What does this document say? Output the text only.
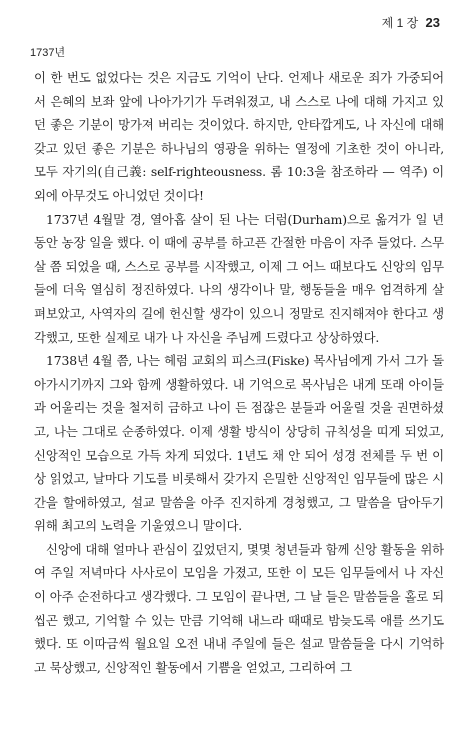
제 1 장 23
1737년

이 한 번도 없었다는 것은 지금도 기억이 난다. 언제나 새로운 죄가 가중되어서 은혜의 보좌 앞에 나아가기가 두려워졌고, 내 스스로 나에 대해 가지고 있던 좋은 기분이 망가져 버리는 것이었다. 하지만, 안타깝게도, 나 자신에 대해 갖고 있던 좋은 기분은 하나님의 영광을 위하는 열정에 기초한 것이 아니라, 모두 자기의(自己義: self-righteousness. 롬 10:3을 참조하라 — 역주) 이외에 아무것도 아니었던 것이다!

1737년 4월말 경, 열아홉 살이 된 나는 더럼(Durham)으로 옮겨가 일 년 동안 농장 일을 했다. 이 때에 공부를 하고픈 간절한 마음이 자주 들었다. 스무 살 쯤 되었을 때, 스스로 공부를 시작했고, 이제 그 어느 때보다도 신앙의 임무들에 더욱 열심히 정진하였다. 나의 생각이나 말, 행동들을 매우 엄격하게 살펴보았고, 사역자의 길에 헌신할 생각이 있으니 정말로 진지해져야 한다고 생각했고, 또한 실제로 내가 나 자신을 주님께 드렸다고 상상하였다.

1738년 4월 쯤, 나는 헤럼 교회의 피스크(Fiske) 목사님에게 가서 그가 돌아가시기까지 그와 함께 생활하였다. 내 기억으로 목사님은 내게 또래 아이들과 어울리는 것을 철저히 금하고 나이 든 점잖은 분들과 어울릴 것을 권면하셨고, 나는 그대로 순종하였다. 이제 생활 방식이 상당히 규칙성을 띠게 되었고, 신앙적인 모습으로 가득 차게 되었다. 1년도 채 안 되어 성경 전체를 두 번 이상 읽었고, 날마다 기도를 비롯해서 갖가지 은밀한 신앙적인 임무들에 많은 시간을 할애하였고, 설교 말씀을 아주 진지하게 경청했고, 그 말씀을 담아두기 위해 최고의 노력을 기울였으니 말이다.

신앙에 대해 얼마나 관심이 깊었던지, 몇몇 청년들과 함께 신앙 활동을 위하여 주일 저녁마다 사사로이 모임을 가졌고, 또한 이 모든 임무들에서 나 자신이 아주 순전하다고 생각했다. 그 모임이 끝나면, 그 날 들은 말씀들을 홀로 되씹곤 했고, 기억할 수 있는 만큼 기억해 내느라 때때로 밤늦도록 애를 쓰기도 했다. 또 이따금씩 월요일 오전 내내 주일에 들은 설교 말씀들을 다시 기억하고 묵상했고, 신앙적인 활동에서 기쁨을 얻었고, 그리하여 그
